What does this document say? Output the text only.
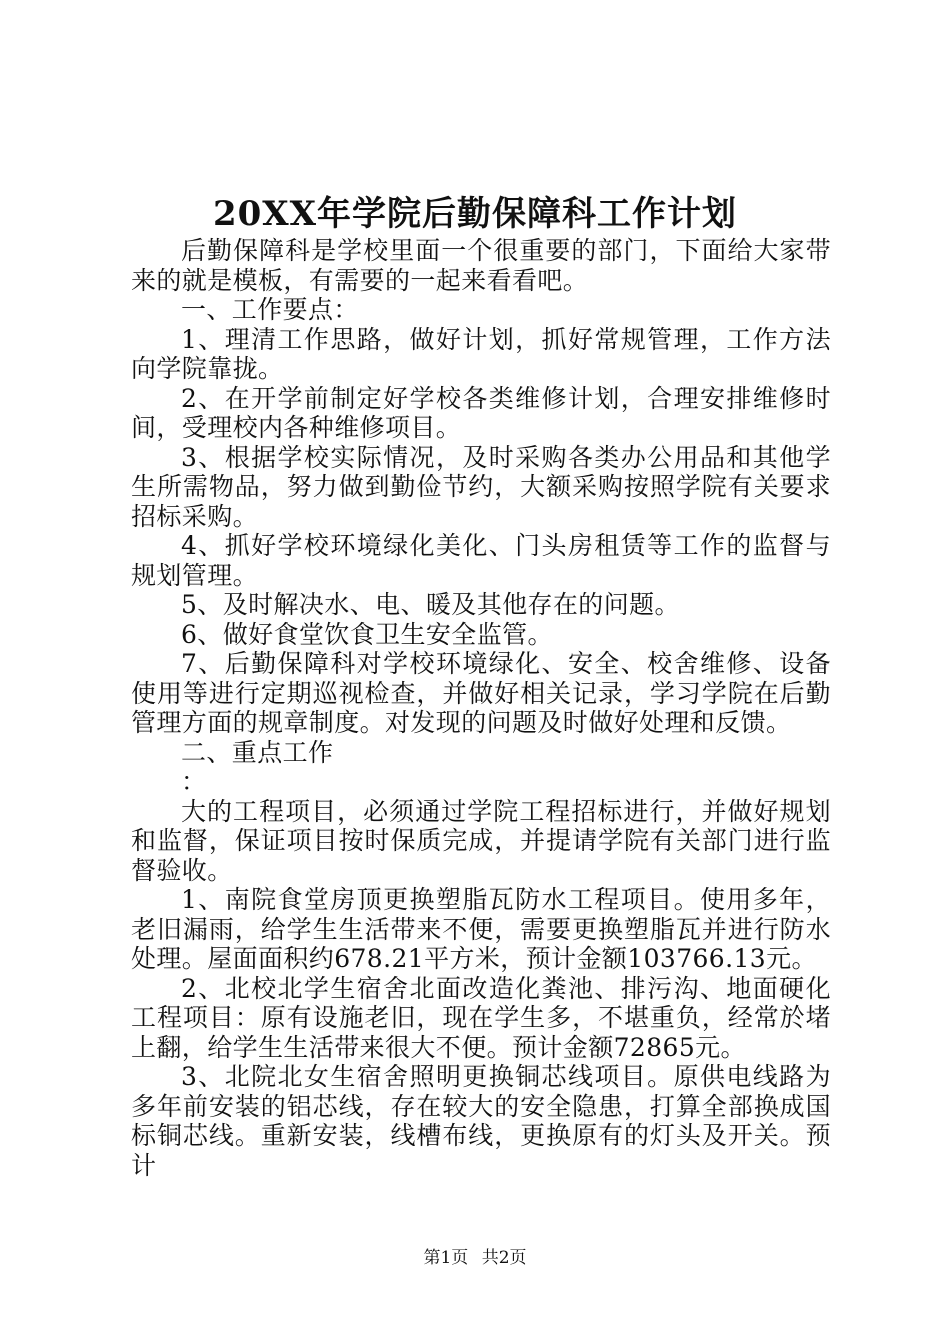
20XX年学院后勤保障科工作计划

后勤保障科是学校里面一个很重要的部门，下面给大家带来的就是模板，有需要的一起来看看吧。

一、工作要点：

1、理清工作思路，做好计划，抓好常规管理，工作方法向学院靠拢。

2、在开学前制定好学校各类维修计划，合理安排维修时间，受理校内各种维修项目。

3、根据学校实际情况，及时采购各类办公用品和其他学生所需物品，努力做到勤俭节约，大额采购按照学院有关要求招标采购。

4、抓好学校环境绿化美化、门头房租赁等工作的监督与规划管理。

5、及时解决水、电、暖及其他存在的问题。

6、做好食堂饮食卫生安全监管。

7、后勤保障科对学校环境绿化、安全、校舍维修、设备使用等进行定期巡视检查，并做好相关记录，学习学院在后勤管理方面的规章制度。对发现的问题及时做好处理和反馈。

二、重点工作

：

大的工程项目，必须通过学院工程招标进行，并做好规划和监督，保证项目按时保质完成，并提请学院有关部门进行监督验收。

1、南院食堂房顶更换塑脂瓦防水工程项目。使用多年，老旧漏雨，给学生生活带来不便，需要更换塑脂瓦并进行防水处理。屋面面积约678.21平方米，预计金额103766.13元。

2、北校北学生宿舍北面改造化粪池、排污沟、地面硬化工程项目：原有设施老旧，现在学生多，不堪重负，经常於堵上翻，给学生生活带来很大不便。预计金额72865元。

3、北院北女生宿舍照明更换铜芯线项目。原供电线路为多年前安装的铝芯线，存在较大的安全隐患，打算全部换成国标铜芯线。重新安装，线槽布线，更换原有的灯头及开关。预计

第1页 共2页
